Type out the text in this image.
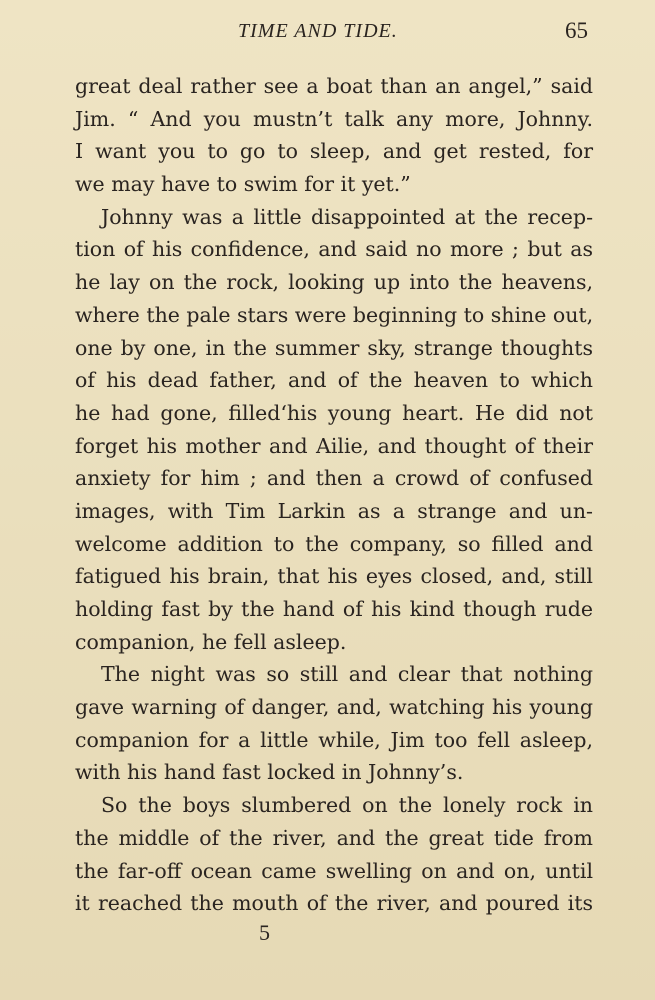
TIME AND TIDE.	65
great deal rather see a boat than an angel,” said
Jim. “ And you mustn’t talk any more, Johnny.
I want you to go to sleep, and get rested, for
we may have to swim for it yet.”
Johnny was a little disappointed at the recep-
tion of his confidence, and said no more ; but as
he lay on the rock, looking up into the heavens,
where the pale stars were beginning to shine out,
one by one, in the summer sky, strange thoughts
of his dead father, and of the heaven to which
he had gone, filledʻhis young heart. He did not
forget his mother and Ailie, and thought of their
anxiety for him ; and then a crowd of confused
images, with Tim Larkin as a strange and un-
welcome addition to the company, so filled and
fatigued his brain, that his eyes closed, and, still
holding fast by the hand of his kind though rude
companion, he fell asleep.
The night was so still and clear that nothing
gave warning of danger, and, watching his young
companion for a little while, Jim too fell asleep,
with his hand fast locked in Johnny’s.
So the boys slumbered on the lonely rock in
the middle of the river, and the great tide from
the far-off ocean came swelling on and on, until
it reached the mouth of the river, and poured its
5
